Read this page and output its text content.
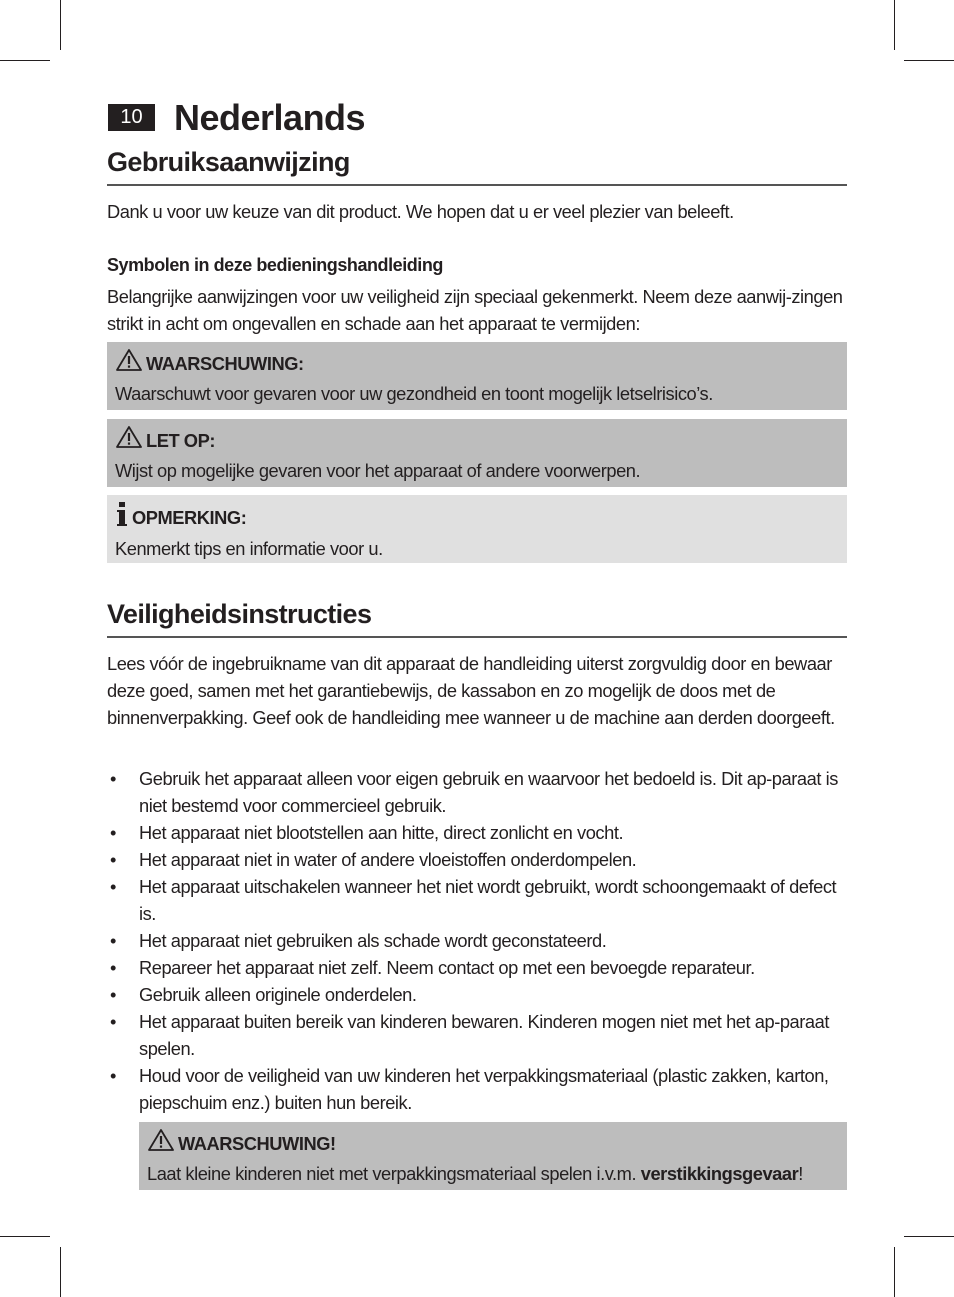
10 Nederlands
Gebruiksaanwijzing

Dank u voor uw keuze van dit product. We hopen dat u er veel plezier van beleeft.

Symbolen in deze bedieningshandleiding

Belangrijke aanwijzingen voor uw veiligheid zijn speciaal gekenmerkt. Neem deze aanwij-zingen strikt in acht om ongevallen en schade aan het apparaat te vermijden:

WAARSCHUWING:
Waarschuwt voor gevaren voor uw gezondheid en toont mogelijk letselrisico’s.
LET OP:
Wijst op mogelijke gevaren voor het apparaat of andere voorwerpen.
OPMERKING:
Kenmerkt tips en informatie voor u.
Veiligheidsinstructies

Lees vóór de ingebruikname van dit apparaat de handleiding uiterst zorgvuldig door en bewaar deze goed, samen met het garantiebewijs, de kassabon en zo mogelijk de doos met de binnenverpakking. Geef ook de handleiding mee wanneer u de machine aan derden doorgeeft.

• Gebruik het apparaat alleen voor eigen gebruik en waarvoor het bedoeld is. Dit ap-paraat is niet bestemd voor commercieel gebruik.
• Het apparaat niet blootstellen aan hitte, direct zonlicht en vocht.
• Het apparaat niet in water of andere vloeistoffen onderdompelen.
• Het apparaat uitschakelen wanneer het niet wordt gebruikt, wordt schoongemaakt of defect is.
• Het apparaat niet gebruiken als schade wordt geconstateerd.
• Repareer het apparaat niet zelf. Neem contact op met een bevoegde reparateur.
• Gebruik alleen originele onderdelen.
• Het apparaat buiten bereik van kinderen bewaren. Kinderen mogen niet met het ap-paraat spelen.
• Houd voor de veiligheid van uw kinderen het verpakkingsmateriaal (plastic zakken, karton, piepschuim enz.) buiten hun bereik.
WAARSCHUWING!
Laat kleine kinderen niet met verpakkingsmateriaal spelen i.v.m. verstikkingsgevaar!
